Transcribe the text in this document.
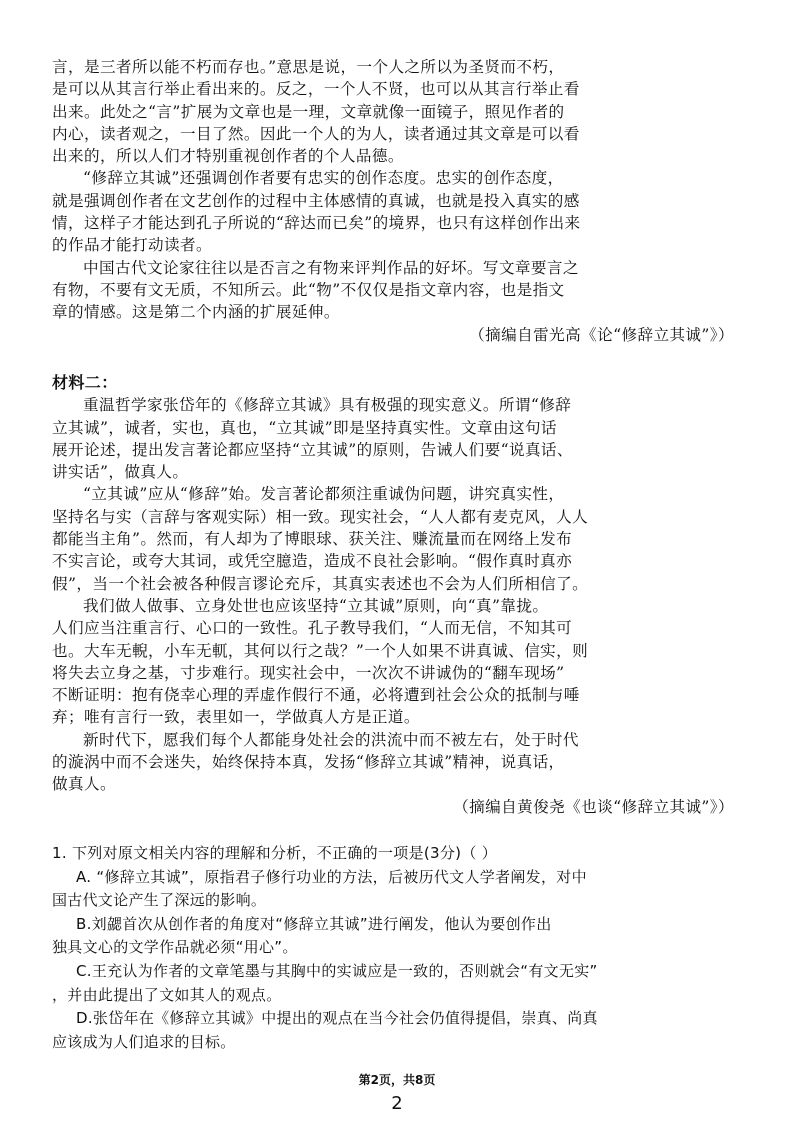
言，是三者所以能不朽而存也。”意思是说，一个人之所以为圣贤而不朽，
是可以从其言行举止看出来的。反之，一个人不贤，也可以从其言行举止看
出来。此处之“言”扩展为文章也是一理，文章就像一面镜子，照见作者的
内心，读者观之，一目了然。因此一个人的为人，读者通过其文章是可以看
出来的，所以人们才特别重视创作者的个人品德。
“修辞立其诚”还强调创作者要有忠实的创作态度。忠实的创作态度，
就是强调创作者在文艺创作的过程中主体感情的真诚，也就是投入真实的感
情，这样子才能达到孔子所说的“辞达而已矣”的境界，也只有这样创作出来
的作品才能打动读者。
中国古代文论家往往以是否言之有物来评判作品的好坏。写文章要言之
有物，不要有文无质，不知所云。此“物”不仅仅是指文章内容，也是指文
章的情感。这是第二个内涵的扩展延伸。
（摘编自雷光高《论“修辞立其诚”》）
材料二：
重温哲学家张岱年的《修辞立其诚》具有极强的现实意义。所谓“修辞
立其诚”，诚者，实也，真也，“立其诚”即是坚持真实性。文章由这句话
展开论述，提出发言著论都应坚持“立其诚”的原则，告诫人们要“说真话、
讲实话”，做真人。
“立其诚”应从“修辞”始。发言著论都须注重诚伪问题，讲究真实性，
坚持名与实（言辞与客观实际）相一致。现实社会，“人人都有麦克风，人人
都能当主角”。然而，有人却为了博眼球、获关注、赚流量而在网络上发布
不实言论，或夸大其词，或凭空臆造，造成不良社会影响。“假作真时真亦
假”，当一个社会被各种假言谬论充斥，其真实表述也不会为人们所相信了。
我们做人做事、立身处世也应该坚持“立其诚”原则，向“真”靠拢。
人们应当注重言行、心口的一致性。孔子教导我们，“人而无信，不知其可
也。大车无輗，小车无軏，其何以行之哉？”一个人如果不讲真诚、信实，则
将失去立身之基，寸步难行。现实社会中，一次次不讲诚伪的“翻车现场”
不断证明：抱有侥幸心理的弄虚作假行不通，必将遭到社会公众的抵制与唾
弃；唯有言行一致，表里如一，学做真人方是正道。
新时代下，愿我们每个人都能身处社会的洪流中而不被左右，处于时代
的漩涡中而不会迷失，始终保持本真，发扬“修辞立其诚”精神，说真话，
做真人。
（摘编自黄俊尧《也谈“修辞立其诚”》）
1. 下列对原文相关内容的理解和分析，不正确的一项是(3分)（ ）
A. “修辞立其诚”，原指君子修行功业的方法，后被历代文人学者阐发，对中
国古代文论产生了深远的影响。
B.刘勰首次从创作者的角度对“修辞立其诚”进行阐发，他认为要创作出
独具文心的文学作品就必须“用心”。
C.王充认为作者的文章笔墨与其胸中的实诚应是一致的，否则就会“有文无实”
，并由此提出了文如其人的观点。
D.张岱年在《修辞立其诚》中提出的观点在当今社会仍值得提倡，崇真、尚真
应该成为人们追求的目标。
第2页，共8页
2
